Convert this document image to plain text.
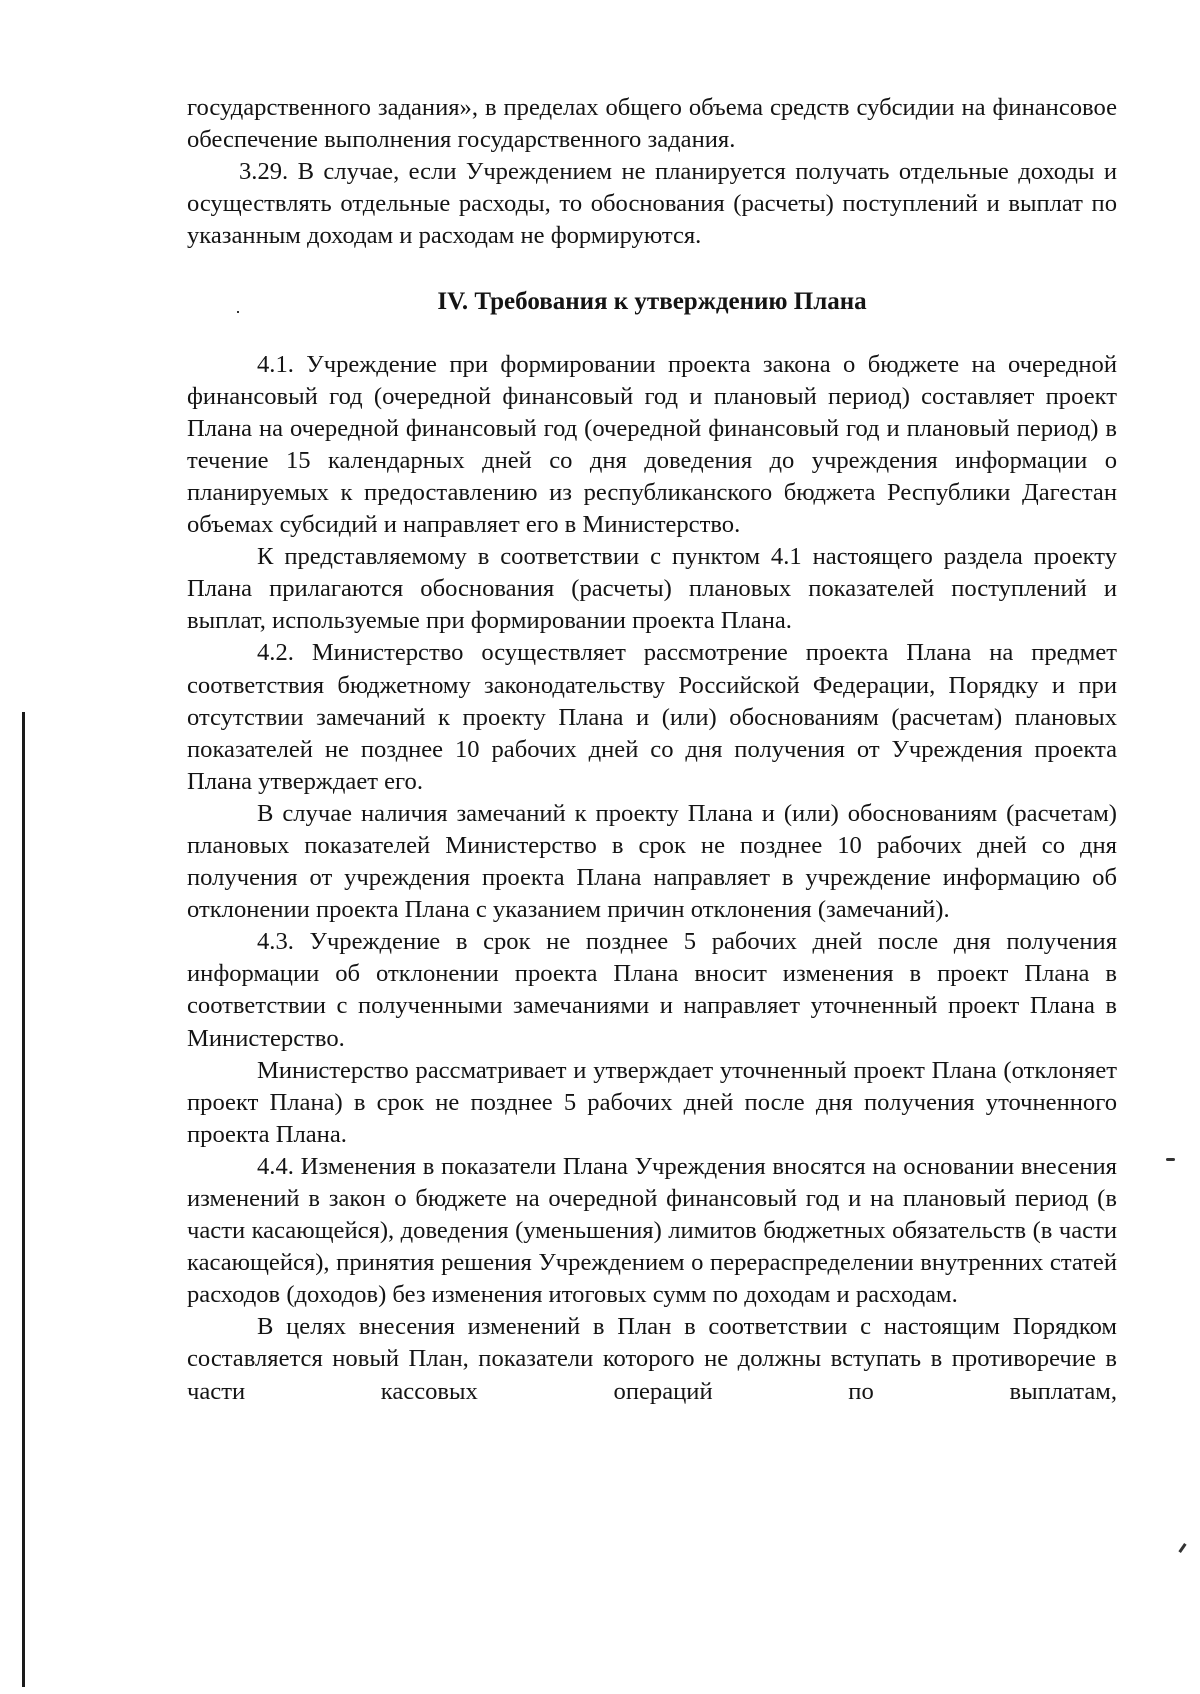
государственного задания», в пределах общего объема средств субсидии на финансовое обеспечение выполнения государственного задания.

3.29. В случае, если Учреждением не планируется получать отдельные доходы и осуществлять отдельные расходы, то обоснования (расчеты) поступлений и выплат по указанным доходам и расходам не формируются.

IV. Требования к утверждению Плана

4.1. Учреждение при формировании проекта закона о бюджете на очередной финансовый год (очередной финансовый год и плановый период) составляет проект Плана на очередной финансовый год (очередной финансовый год и плановый период) в течение 15 календарных дней со дня доведения до учреждения информации о планируемых к предоставлению из республиканского бюджета Республики Дагестан объемах субсидий и направляет его в Министерство.

К представляемому в соответствии с пунктом 4.1 настоящего раздела проекту Плана прилагаются обоснования (расчеты) плановых показателей поступлений и выплат, используемые при формировании проекта Плана.

4.2. Министерство осуществляет рассмотрение проекта Плана на предмет соответствия бюджетному законодательству Российской Федерации, Порядку и при отсутствии замечаний к проекту Плана и (или) обоснованиям (расчетам) плановых показателей не позднее 10 рабочих дней со дня получения от Учреждения проекта Плана утверждает его.

В случае наличия замечаний к проекту Плана и (или) обоснованиям (расчетам) плановых показателей Министерство в срок не позднее 10 рабочих дней со дня получения от учреждения проекта Плана направляет в учреждение информацию об отклонении проекта Плана с указанием причин отклонения (замечаний).

4.3. Учреждение в срок не позднее 5 рабочих дней после дня получения информации об отклонении проекта Плана вносит изменения в проект Плана в соответствии с полученными замечаниями и направляет уточненный проект Плана в Министерство.

Министерство рассматривает и утверждает уточненный проект Плана (отклоняет проект Плана) в срок не позднее 5 рабочих дней после дня получения уточненного проекта Плана.

4.4. Изменения в показатели Плана Учреждения вносятся на основании внесения изменений в закон о бюджете на очередной финансовый год и на плановый период (в части касающейся), доведения (уменьшения) лимитов бюджетных обязательств (в части касающейся), принятия решения Учреждением о перераспределении внутренних статей расходов (доходов) без изменения итоговых сумм по доходам и расходам.

В целях внесения изменений в План в соответствии с настоящим Порядком составляется новый План, показатели которого не должны вступать в противоречие в части кассовых операций по выплатам,
